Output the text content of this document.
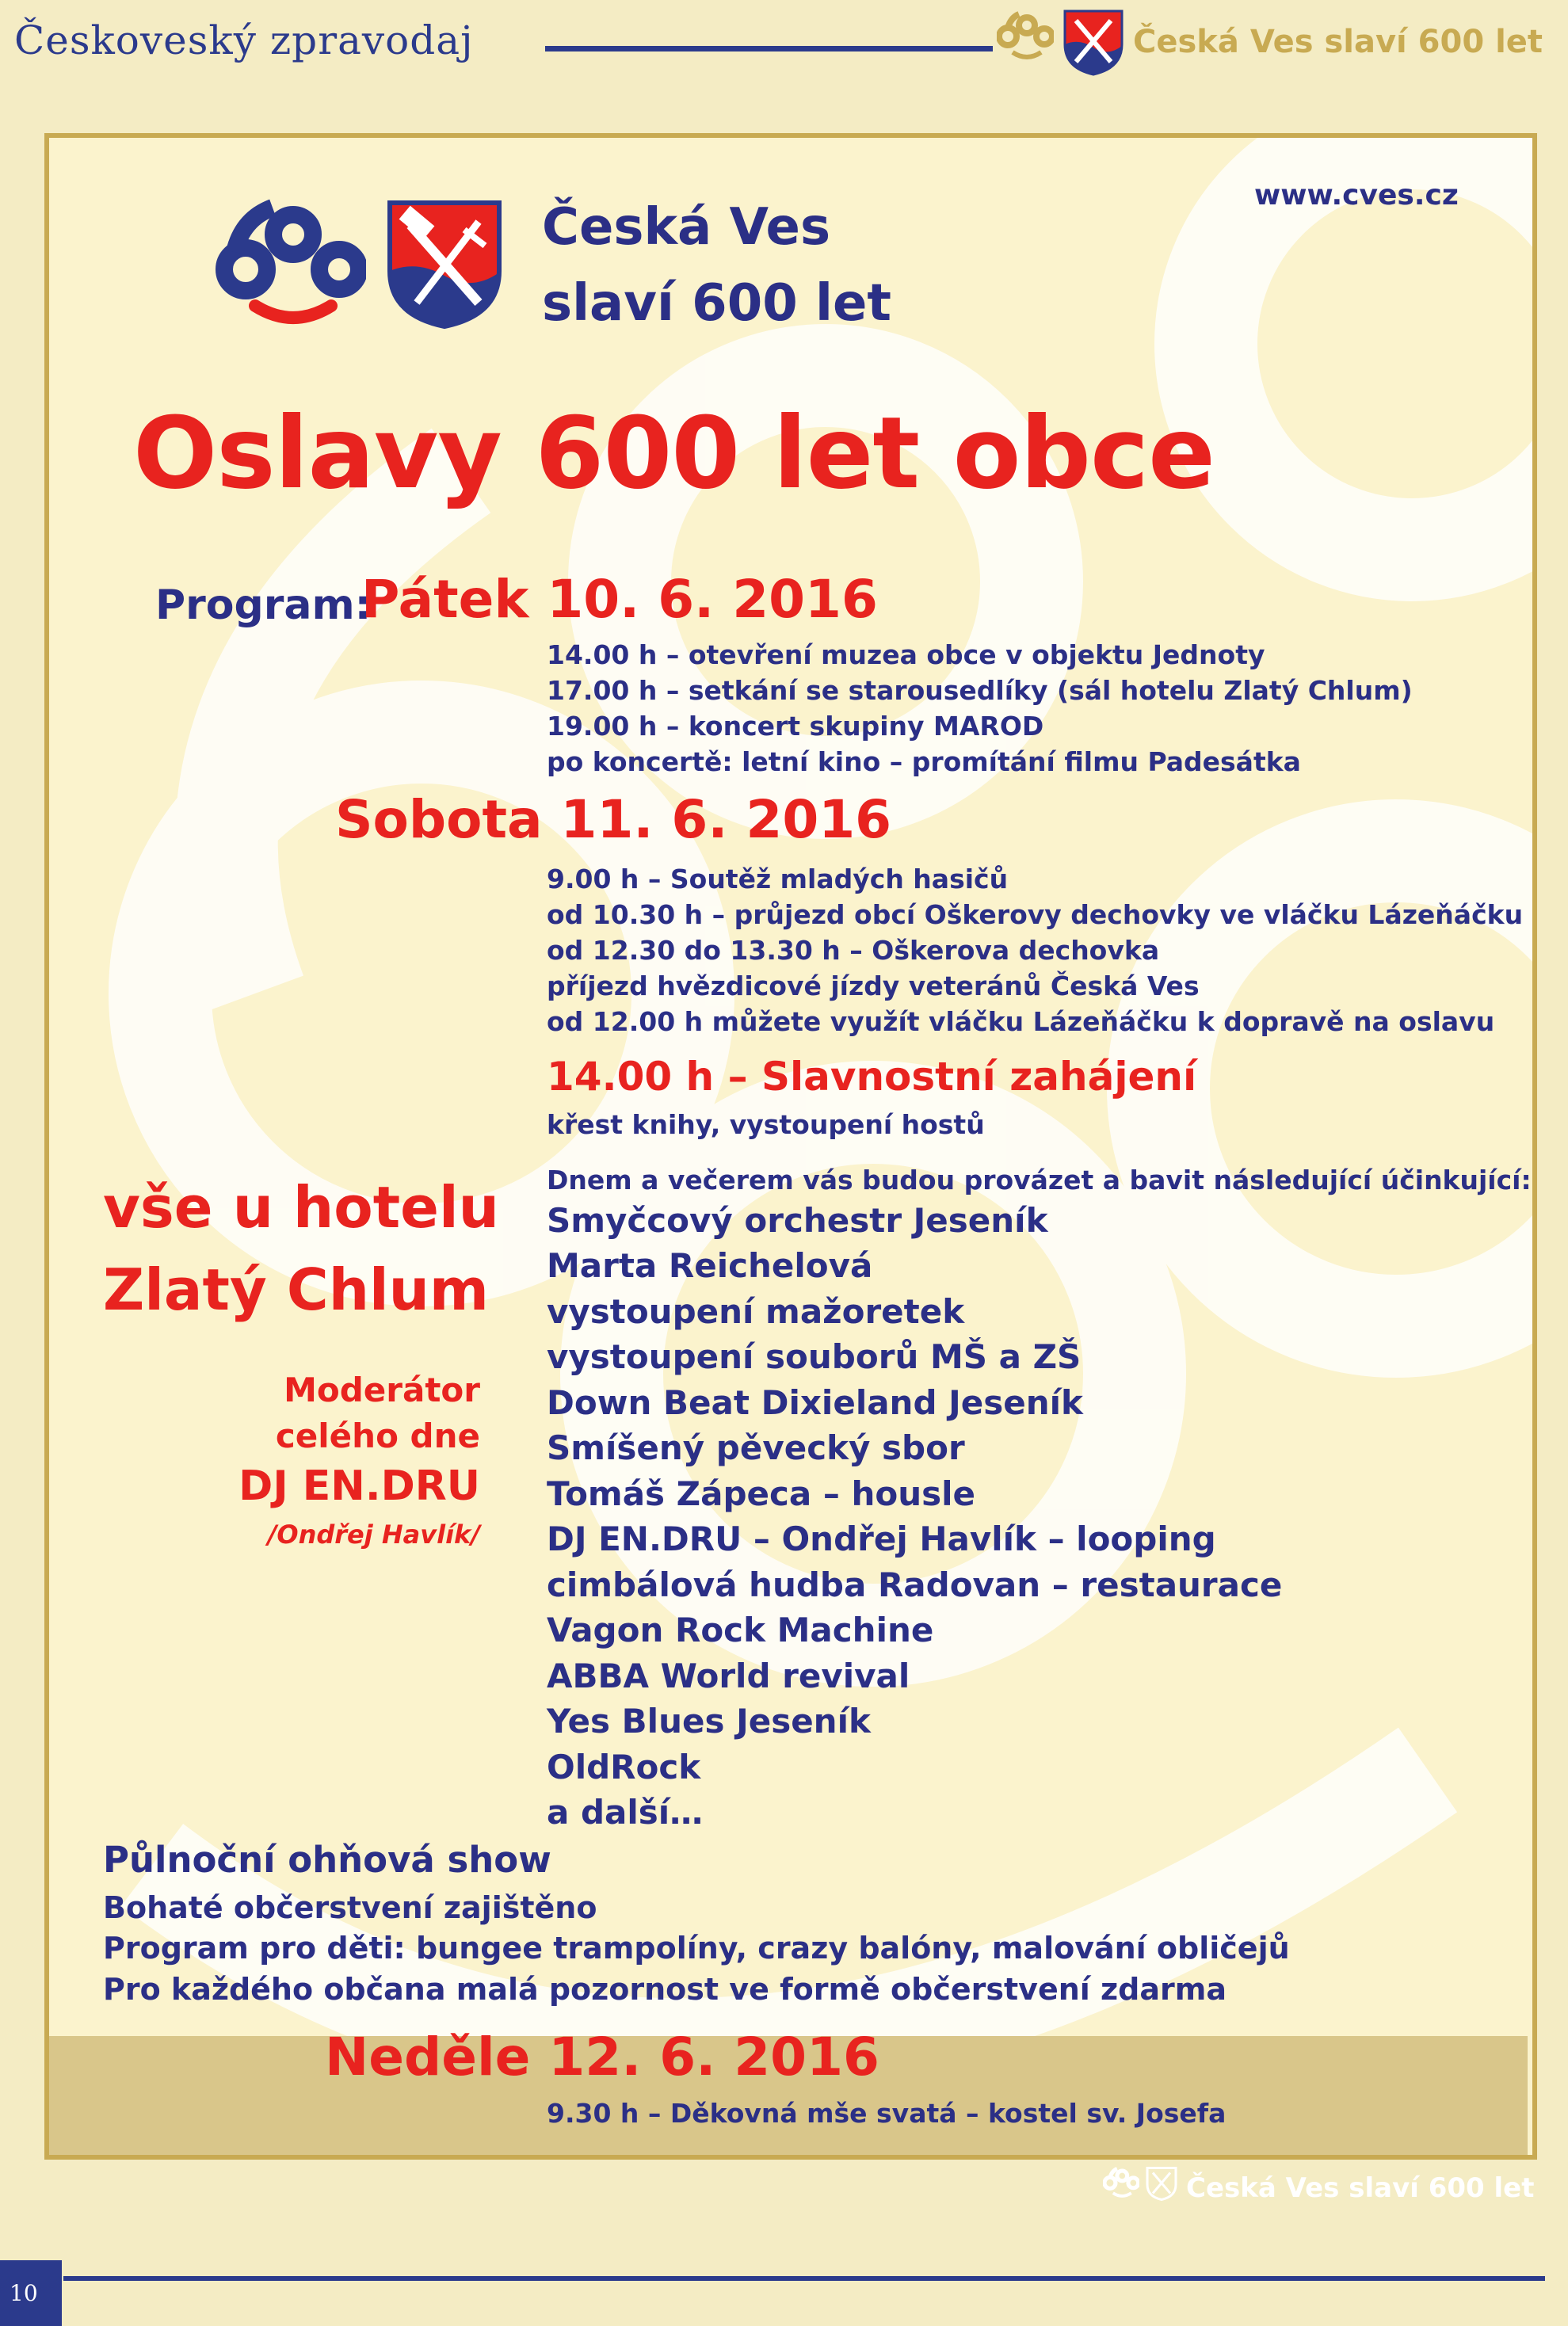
Českoveský zpravodaj	Česká Ves slaví 600 let
Česká Ves slaví 600 let
10
Česká Ves
slaví 600 let
www.cves.cz
Oslavy 600 let obce
Program:
Pátek 10. 6. 2016
14.00 h – otevření muzea obce v objektu Jednoty
17.00 h – setkání se starousedlíky (sál hotelu Zlatý Chlum)
19.00 h – koncert skupiny MAROD
po koncertě: letní kino – promítání filmu Padesátka
Sobota 11. 6. 2016
9.00 h – Soutěž mladých hasičů
od 10.30 h – průjezd obcí Oškerovy dechovky ve vláčku Lázeňáčku
od 12.30 do 13.30 h – Oškerova dechovka
příjezd hvězdicové jízdy veteránů Česká Ves
od 12.00 h můžete využít vláčku Lázeňáčku k dopravě na oslavu
14.00 h – Slavnostní zahájení
křest knihy, vystoupení hostů
Dnem a večerem vás budou provázet a bavit následující účinkující:
Smyčcový orchestr Jeseník
Marta Reichelová
vystoupení mažoretek
vystoupení souborů MŠ a ZŠ
Down Beat Dixieland Jeseník
Smíšený pěvecký sbor
Tomáš Zápeca – housle
DJ EN.DRU – Ondřej Havlík – looping
cimbálová hudba Radovan – restaurace
Vagon Rock Machine
ABBA World revival
Yes Blues Jeseník
OldRock
a další…
vše u hotelu
Zlatý Chlum
Moderátor
celého dne
DJ EN.DRU
/Ondřej Havlík/
Půlnoční ohňová show
Bohaté občerstvení zajištěno
Program pro děti: bungee trampolíny, crazy balóny, malování obličejů
Pro každého občana malá pozornost ve formě občerstvení zdarma
Neděle 12. 6. 2016
9.30 h – Děkovná mše svatá – kostel sv. Josefa
